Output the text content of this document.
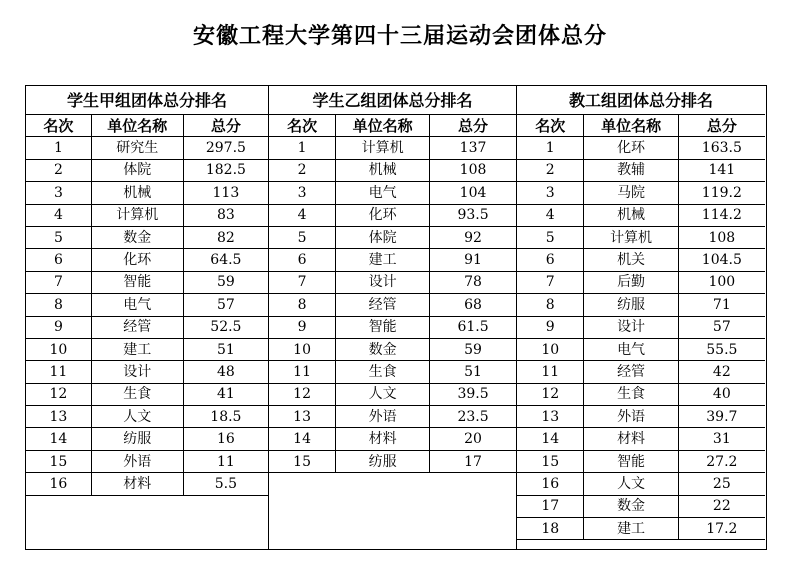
安徽工程大学第四十三届运动会团体总分
学生甲组团体总分排名
名次	单位名称	总分
1	研究生	297.5
2	体院	182.5
3	机械	113
4	计算机	83
5	数金	82
6	化环	64.5
7	智能	59
8	电气	57
9	经管	52.5
10	建工	51
11	设计	48
12	生食	41
13	人文	18.5
14	纺服	16
15	外语	11
16	材料	5.5
学生乙组团体总分排名
名次	单位名称	总分
1	计算机	137
2	机械	108
3	电气	104
4	化环	93.5
5	体院	92
6	建工	91
7	设计	78
8	经管	68
9	智能	61.5
10	数金	59
11	生食	51
12	人文	39.5
13	外语	23.5
14	材料	20
15	纺服	17
教工组团体总分排名
名次	单位名称	总分
1	化环	163.5
2	教辅	141
3	马院	119.2
4	机械	114.2
5	计算机	108
6	机关	104.5
7	后勤	100
8	纺服	71
9	设计	57
10	电气	55.5
11	经管	42
12	生食	40
13	外语	39.7
14	材料	31
15	智能	27.2
16	人文	25
17	数金	22
18	建工	17.2
